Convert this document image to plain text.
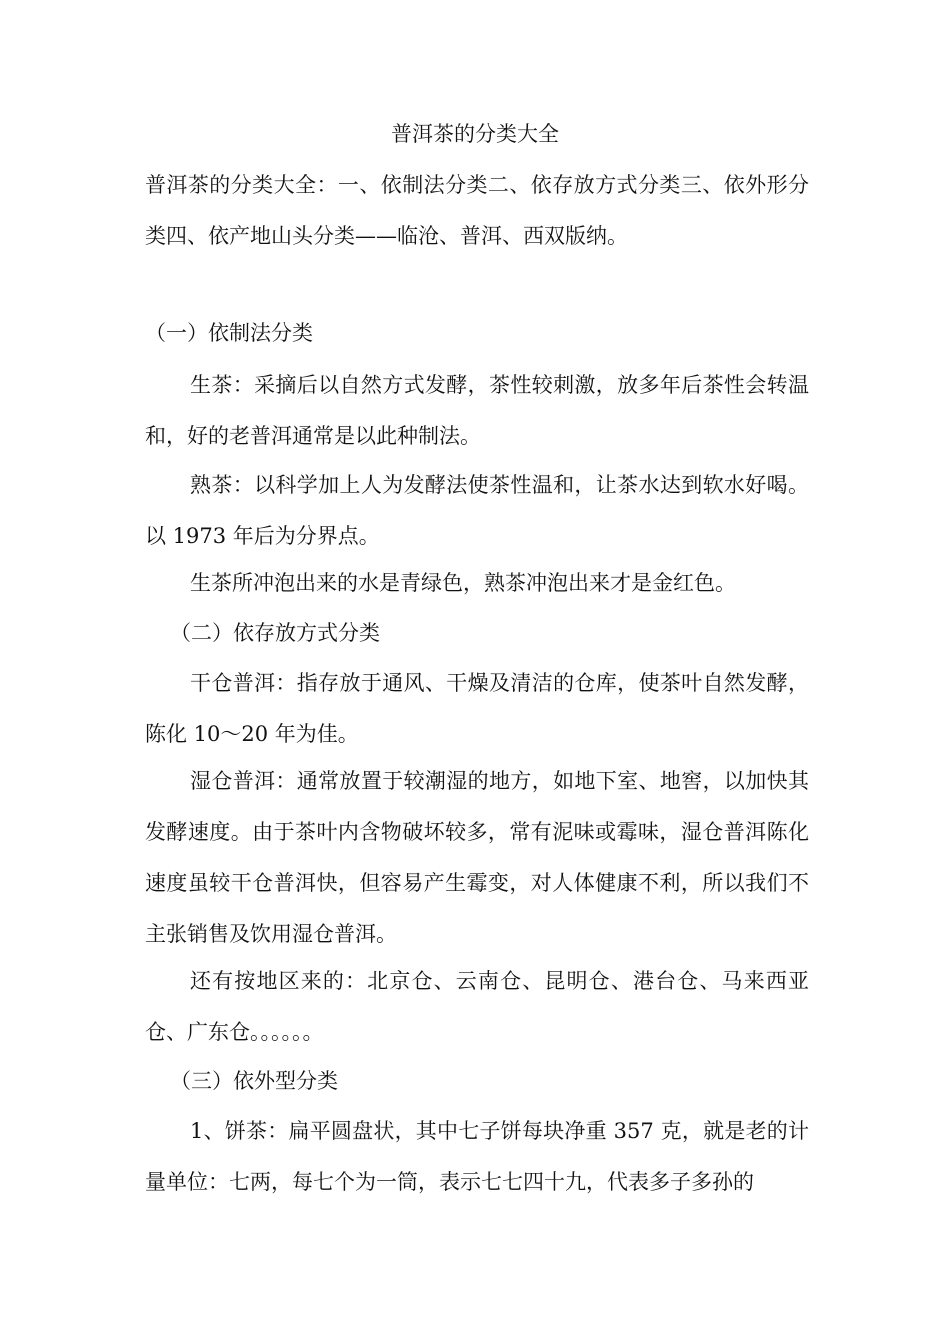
普洱茶的分类大全
普洱茶的分类大全：一、依制法分类二、依存放方式分类三、依外形分类四、依产地山头分类——临沧、普洱、西双版纳。
（一）依制法分类
生茶：采摘后以自然方式发酵，茶性较刺激，放多年后茶性会转温和，好的老普洱通常是以此种制法。
熟茶：以科学加上人为发酵法使茶性温和，让茶水达到软水好喝。以 1973 年后为分界点。
生茶所冲泡出来的水是青绿色，熟茶冲泡出来才是金红色。
（二）依存放方式分类
干仓普洱：指存放于通风、干燥及清洁的仓库，使茶叶自然发酵，陈化 10～20 年为佳。
湿仓普洱：通常放置于较潮湿的地方，如地下室、地窖，以加快其发酵速度。由于茶叶内含物破坏较多，常有泥味或霉味，湿仓普洱陈化速度虽较干仓普洱快，但容易产生霉变，对人体健康不利，所以我们不主张销售及饮用湿仓普洱。
还有按地区来的：北京仓、云南仓、昆明仓、港台仓、马来西亚仓、广东仓。。。。。。
（三）依外型分类
1、饼茶：扁平圆盘状，其中七子饼每块净重 357 克，就是老的计量单位：七两，每七个为一筒，表示七七四十九，代表多子多孙的
